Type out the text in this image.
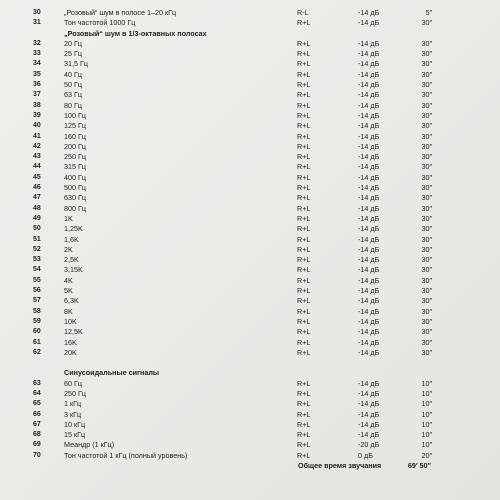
30	„Розовый“ шум в полосе 1–20 кГц	R-L	-14 дБ	5″
31	Тон частотой 1000 Гц	R+L	-14 дБ	30″
„Розовый“ шум в 1/3-октавных полосах
32	20 Гц	R+L	-14 дБ	30″
33	25 Гц	R+L	-14 дБ	30″
34	31,5 Гц	R+L	-14 дБ	30″
35	40 Гц	R+L	-14 дБ	30″
36	50 Гц	R+L	-14 дБ	30″
37	63 Гц	R+L	-14 дБ	30″
38	80 Гц	R+L	-14 дБ	30″
39	100 Гц	R+L	-14 дБ	30″
40	125 Гц	R+L	-14 дБ	30″
41	160 Гц	R+L	-14 дБ	30″
42	200 Гц	R+L	-14 дБ	30″
43	250 Гц	R+L	-14 дБ	30″
44	315 Гц	R+L	-14 дБ	30″
45	400 Гц	R+L	-14 дБ	30″
46	500 Гц	R+L	-14 дБ	30″
47	630 Гц	R+L	-14 дБ	30″
48	800 Гц	R+L	-14 дБ	30″
49	1K	R+L	-14 дБ	30″
50	1,25K	R+L	-14 дБ	30″
51	1,6K	R+L	-14 дБ	30″
52	2K	R+L	-14 дБ	30″
53	2,5K	R+L	-14 дБ	30″
54	3,15K	R+L	-14 дБ	30″
55	4K	R+L	-14 дБ	30″
56	5K	R+L	-14 дБ	30″
57	6,3K	R+L	-14 дБ	30″
58	8K	R+L	-14 дБ	30″
59	10K	R+L	-14 дБ	30″
60	12,5K	R+L	-14 дБ	30″
61	16K	R+L	-14 дБ	30″
62	20K	R+L	-14 дБ	30″
Синусоидальные сигналы
63	60 Гц	R+L	-14 дБ	10″
64	250 Гц	R+L	-14 дБ	10″
65	1 кГц	R+L	-14 дБ	10″
66	3 кГц	R+L	-14 дБ	10″
67	10 кГц	R+L	-14 дБ	10″
68	15 кГц	R+L	-14 дБ	10″
69	Меандр (1 кГц)	R+L	-20 дБ	10″
70	Тон частотой 1 кГц (полный уровень)	R+L	0 дБ	20″
Общее время звучания	69′ 50″
